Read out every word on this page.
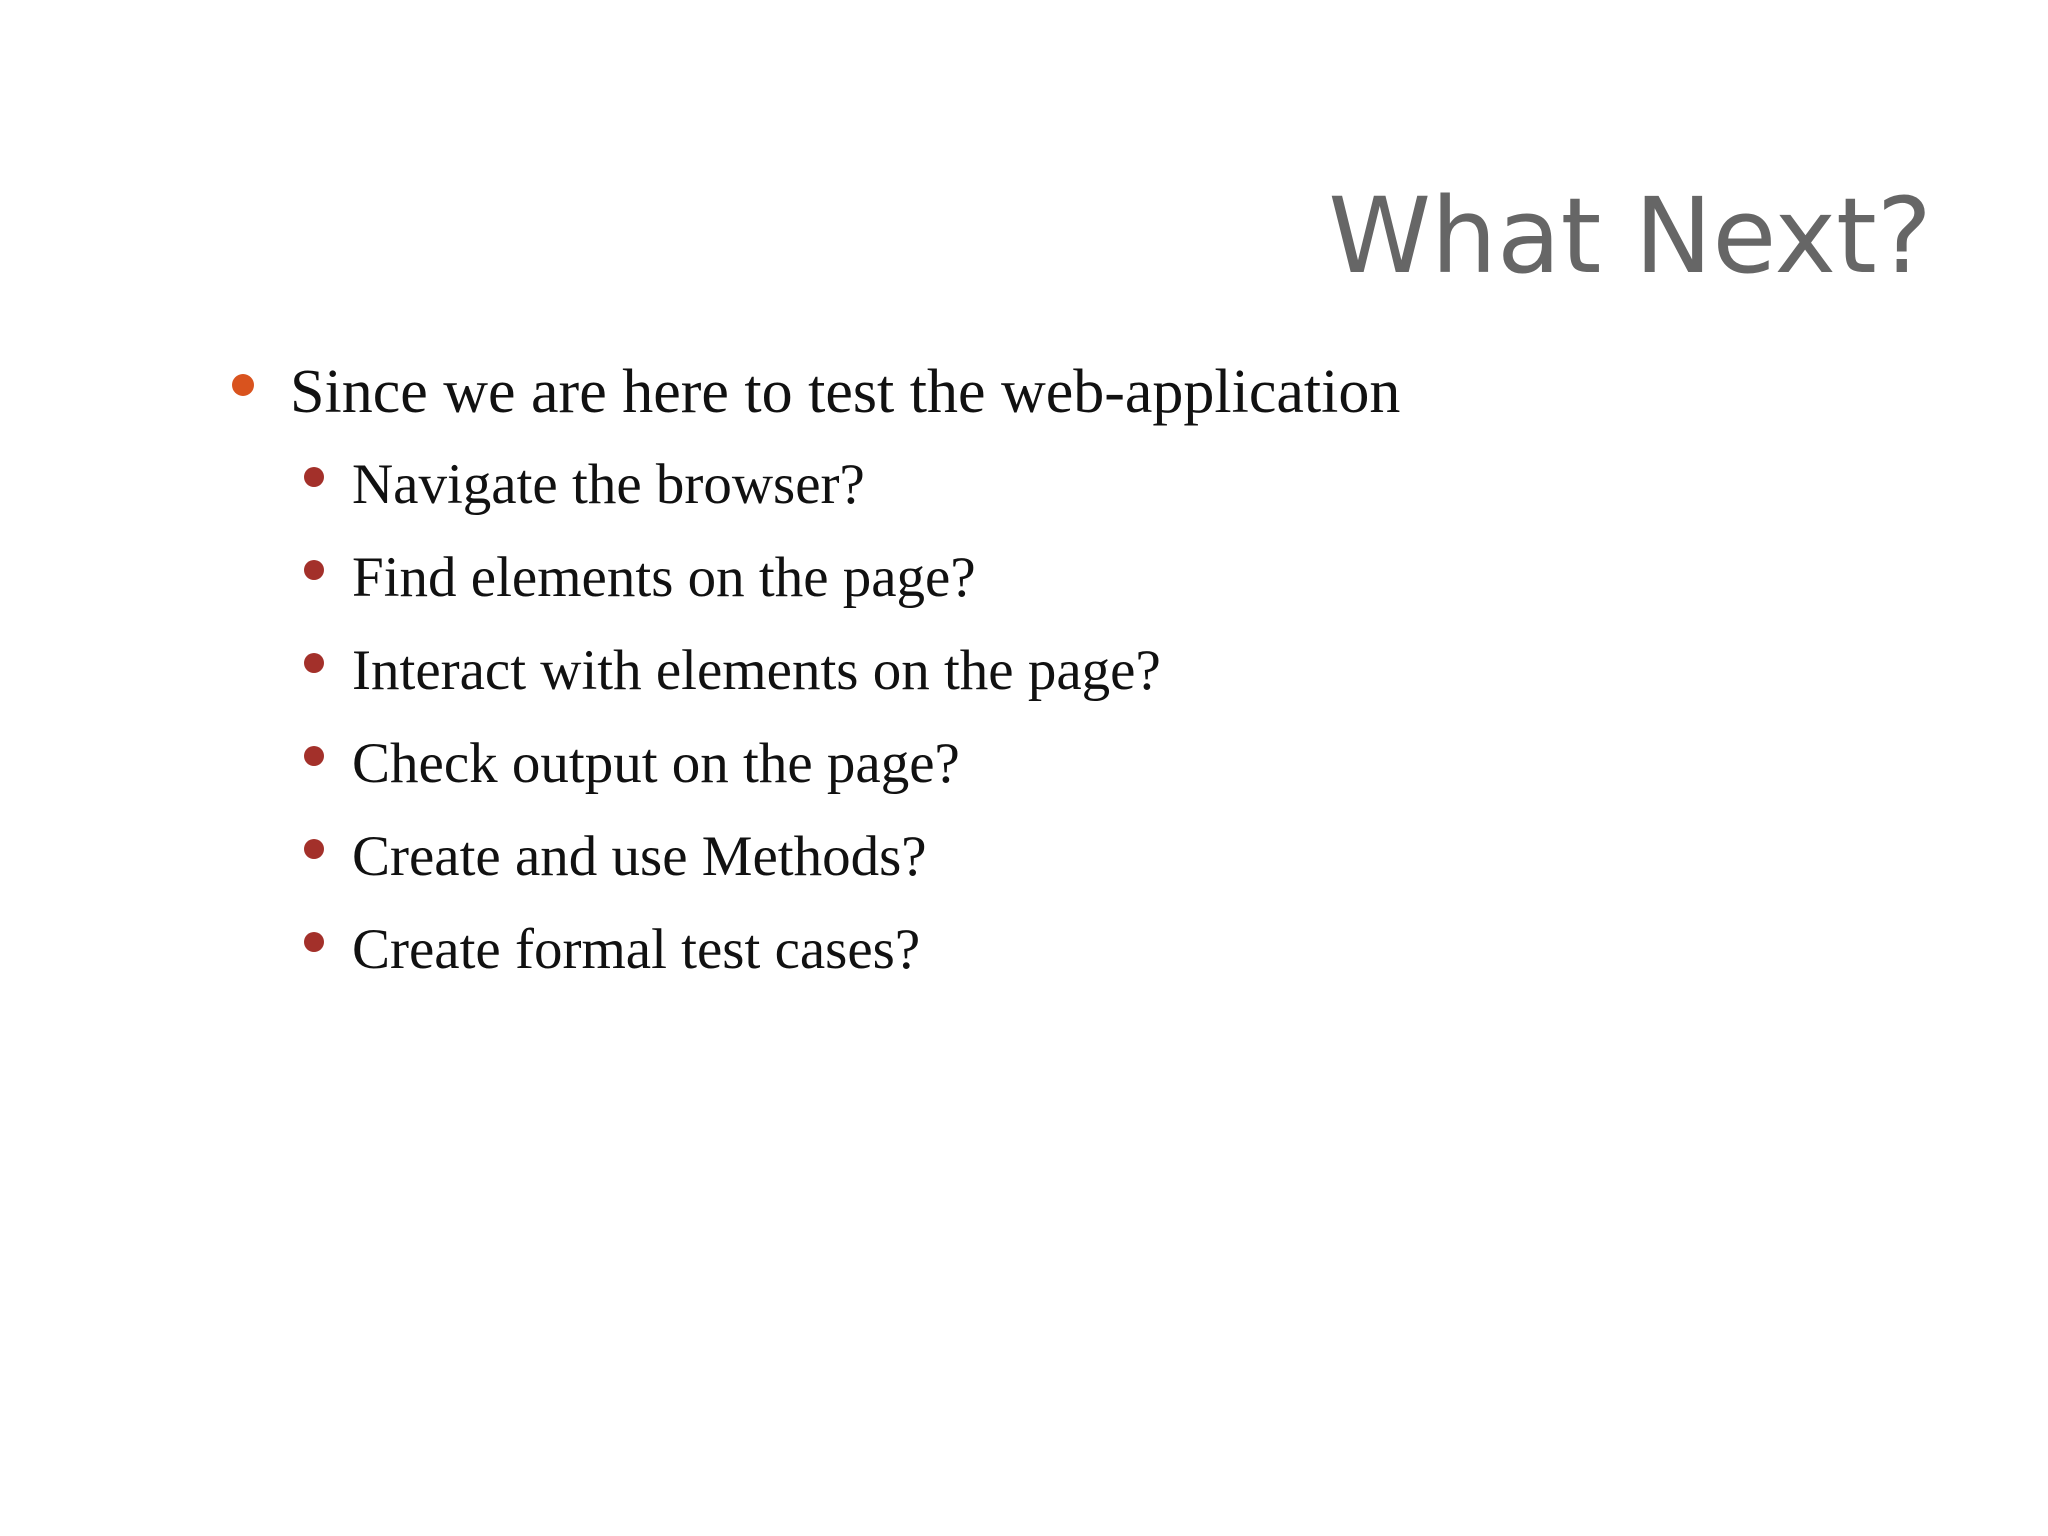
What Next?
Since we are here to test the web-application
Navigate the browser?
Find elements on the page?
Interact with elements on the page?
Check output on the page?
Create and use Methods?
Create formal test cases?
